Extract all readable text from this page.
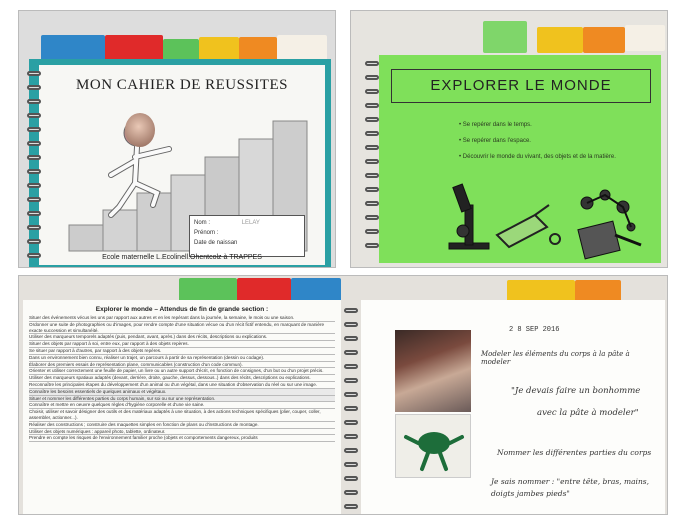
MON CAHIER DE REUSSITES
Nom :	LELAY
Prénom :
Date de naissan
Ecole maternelle L.Ecolinell.Ohentcolz à TRAPPES
EXPLORER LE MONDE
• Se repérer dans le temps.
• Se repérer dans l'espace.
• Découvrir le monde du vivant, des objets et de la matière.
Explorer le monde – Attendus de fin de grande section :
Situer des événements vécus les uns par rapport aux autres et en les repérant dans la journée, la semaine, le mois ou une saison.
Ordonner une suite de photographies ou d'images, pour rendre compte d'une situation vécue ou d'un récit fictif entendu, en marquant de manière exacte succession et simultanéité.
Utiliser des marqueurs temporels adaptés (puis, pendant, avant, après.) dans des récits, descriptions ou explications.
Situer des objets par rapport à soi, entre eux, par rapport à des objets repères.
Se situer par rapport à d'autres, par rapport à des objets repères.
Dans un environnement bien connu, réaliser un trajet, un parcours à partir de sa représentation (dessin ou codage).
Élaborer des premiers essais de représentation plane, communicables (construction d'un code commun).
Orienter et utiliser correctement une feuille de papier, un livre ou un autre support d'écrit, en fonction de consignes, d'un but ou d'un projet précis.
Utiliser des marqueurs spatiaux adaptés (devant, derrière, droite, gauche, dessus, dessous..) dans des récits, descriptions ou explications.
Reconnaître les principales étapes du développement d'un animal ou d'un végétal, dans une situation d'observation du réel ou sur une image.
Connaître les besoins essentiels de quelques animaux et végétaux.
Situer et nommer les différentes parties du corps humain, sur soi ou sur une représentation.
Connaître et mettre en oeuvre quelques règles d'hygiène corporelle et d'une vie saine.
Choisir, utiliser et savoir désigner des outils et des matériaux adaptés à une situation, à des actions techniques spécifiques (plier, couper, coller, assembler, actionner...).
Réaliser des constructions ; construire des maquettes simples en fonction de plans ou d'instructions de montage.
Utiliser des objets numériques : appareil photo, tablette, ordinateur.
Prendre en compte les risques de l'environnement familier proche (objets et comportements dangereux, produits
2 8 SEP 2016
Modeler les éléments du corps à la pâte à modeler
"Je devais faire un bonhomme
avec la pâte à modeler"
Nommer les différentes parties du corps
Je sais nommer : "entre tête, bras, mains, doigts jambes pieds"
